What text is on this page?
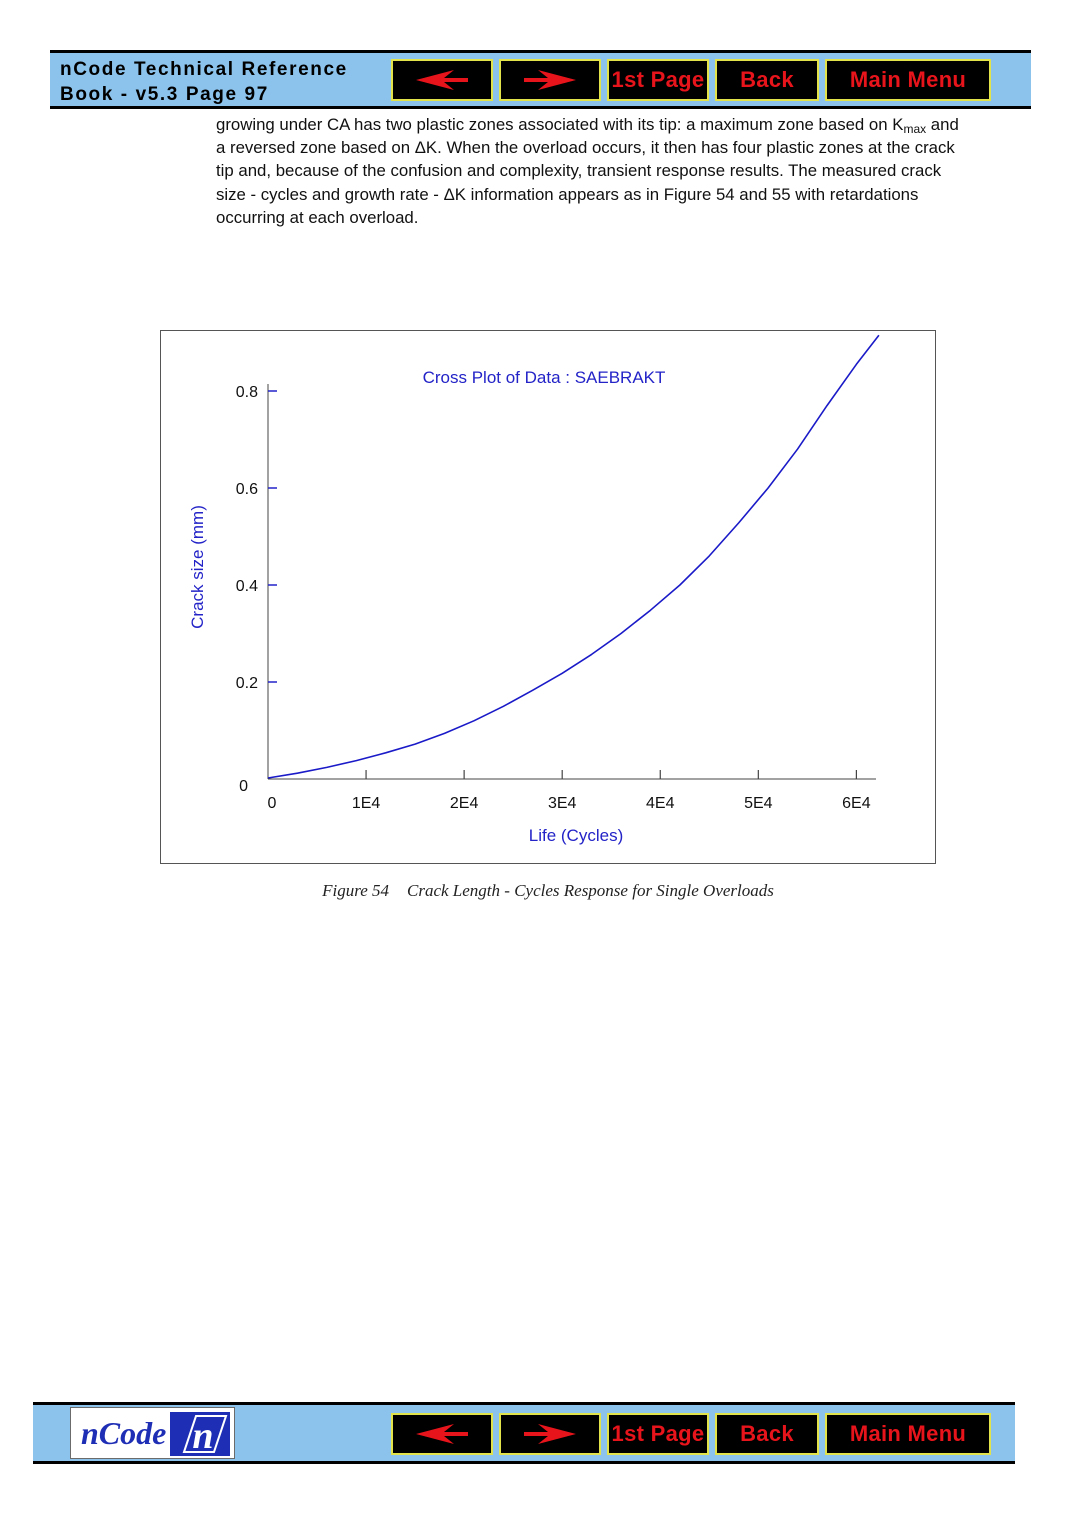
nCode Technical Reference
Book - v5.3 Page 97
1st Page Back	Main Menu
growing under CA has two plastic zones associated with its tip: a maximum zone based on $K_{max}$ and
a reversed zone based on ΔK. When the overload occurs, it then has four plastic zones at the crack
tip and, because of the confusion and complexity, transient response results. The measured crack
size - cycles and growth rate - ΔK information appears as in Figure 54 and 55 with retardations
occurring at each overload.
Cross Plot of Data : SAEBRAKT
0	1E4	2E4	3E4	4E4	5E4	6E4
0
0.2
0.4
0.6
0.8
Life (Cycles)
Crack size (mm)
Figure 54 Crack Length - Cycles Response for Single Overloads
nCode n	1st Page Back	Main Menu
